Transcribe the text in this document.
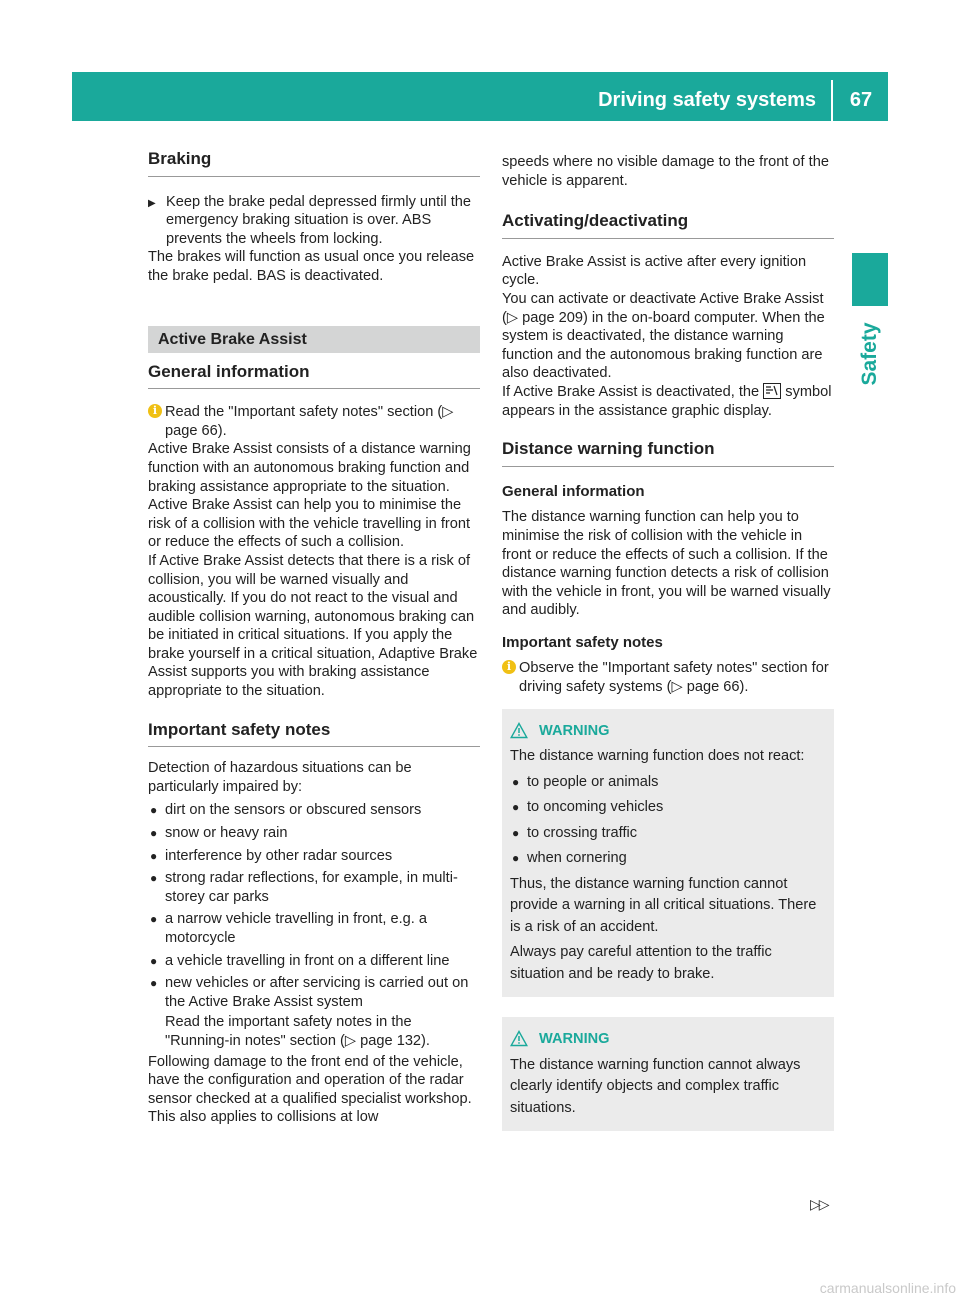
Driving safety systems	67
Safety
Braking

▶ Keep the brake pedal depressed firmly until the emergency braking situation is over. ABS prevents the wheels from locking.

The brakes will function as usual once you release the brake pedal. BAS is deactivated.

Active Brake Assist
General information

i Read the "Important safety notes" section (▷ page 66).

Active Brake Assist consists of a distance warning function with an autonomous braking function and braking assistance appropriate to the situation.

Active Brake Assist can help you to minimise the risk of a collision with the vehicle travelling in front or reduce the effects of such a collision.

If Active Brake Assist detects that there is a risk of collision, you will be warned visually and acoustically. If you do not react to the visual and audible collision warning, autonomous braking can be initiated in critical situations. If you apply the brake yourself in a critical situation, Adaptive Brake Assist supports you with braking assistance appropriate to the situation.

Important safety notes

Detection of hazardous situations can be particularly impaired by:

● dirt on the sensors or obscured sensors

● snow or heavy rain

● interference by other radar sources

● strong radar reflections, for example, in multi-storey car parks

● a narrow vehicle travelling in front, e.g. a motorcycle

● a vehicle travelling in front on a different line

● new vehicles or after servicing is carried out on the Active Brake Assist system

Read the important safety notes in the "Running-in notes" section (▷ page 132).

Following damage to the front end of the vehicle, have the configuration and operation of the radar sensor checked at a qualified specialist workshop. This also applies to collisions at low

speeds where no visible damage to the front of the vehicle is apparent.

Activating/deactivating

Active Brake Assist is active after every ignition cycle.

You can activate or deactivate Active Brake Assist (▷ page 209) in the on-board computer. When the system is deactivated, the distance warning function and the autonomous braking function are also deactivated.

If Active Brake Assist is deactivated, the symbol appears in the assistance graphic display.

Distance warning function
General information

The distance warning function can help you to minimise the risk of collision with the vehicle in front or reduce the effects of such a collision. If the distance warning function detects a risk of collision with the vehicle in front, you will be warned visually and audibly.

Important safety notes

i Observe the "Important safety notes" section for driving safety systems (▷ page 66).

WARNING

The distance warning function does not react:

● to people or animals

● to oncoming vehicles

● to crossing traffic

● when cornering

Thus, the distance warning function cannot provide a warning in all critical situations. There is a risk of an accident.

Always pay careful attention to the traffic situation and be ready to brake.

WARNING

The distance warning function cannot always clearly identify objects and complex traffic situations.

▷▷
carmanualsonline.info
